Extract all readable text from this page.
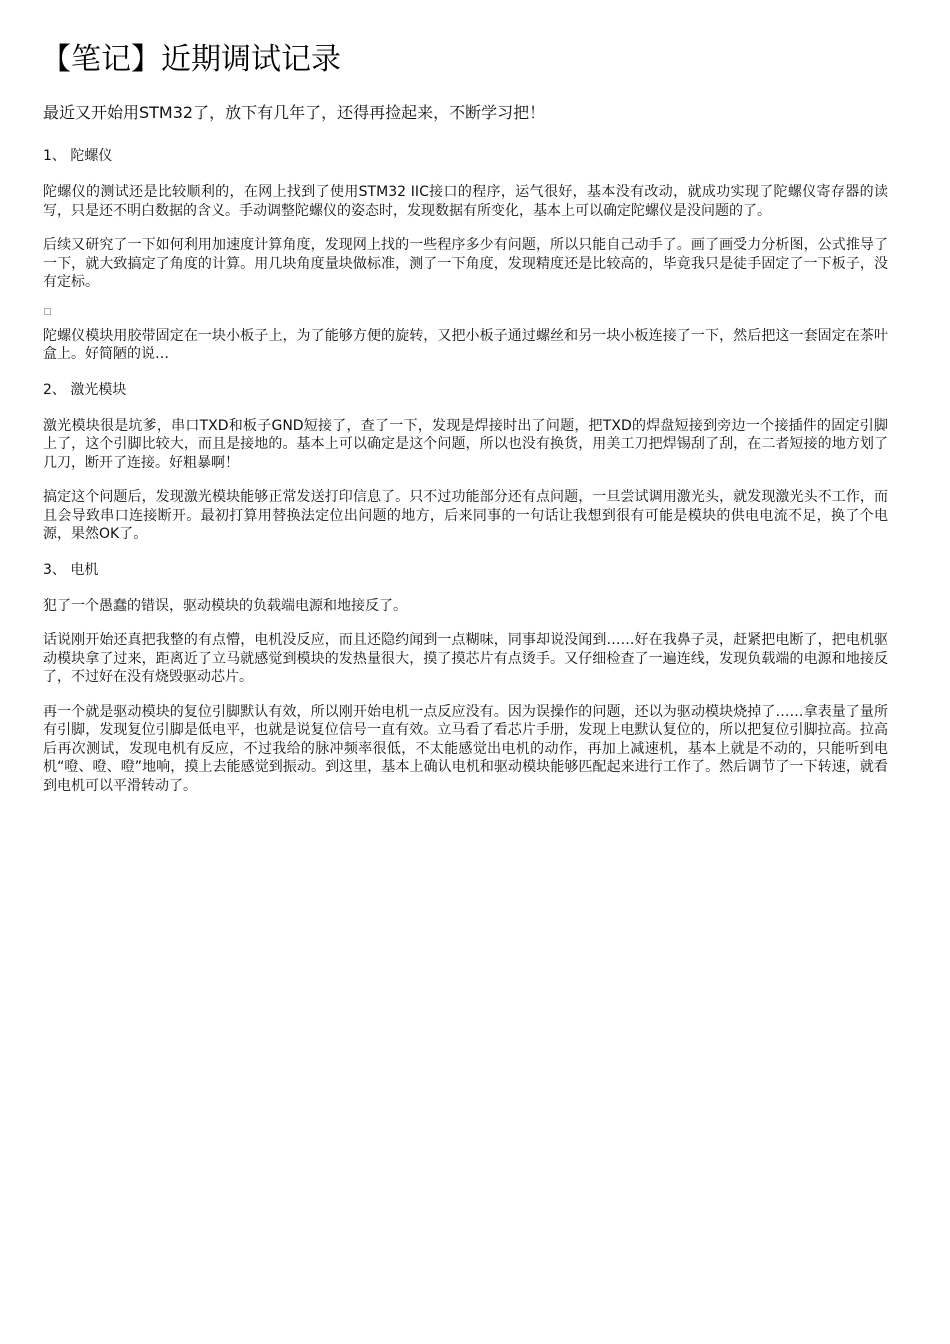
【笔记】近期调试记录

最近又开始用STM32了，放下有几年了，还得再捡起来，不断学习把！

1、 陀螺仪

陀螺仪的测试还是比较顺利的，在网上找到了使用STM32 IIC接口的程序，运气很好，基本没有改动，就成功实现了陀螺仪寄存器的读写，只是还不明白数据的含义。手动调整陀螺仪的姿态时，发现数据有所变化，基本上可以确定陀螺仪是没问题的了。

后续又研究了一下如何利用加速度计算角度，发现网上找的一些程序多少有问题，所以只能自己动手了。画了画受力分析图，公式推导了一下，就大致搞定了角度的计算。用几块角度量块做标准，测了一下角度，发现精度还是比较高的，毕竟我只是徒手固定了一下板子，没有定标。

陀螺仪模块用胶带固定在一块小板子上，为了能够方便的旋转，又把小板子通过螺丝和另一块小板连接了一下，然后把这一套固定在茶叶盒上。好简陋的说…

2、 激光模块

激光模块很是坑爹，串口TXD和板子GND短接了，查了一下，发现是焊接时出了问题，把TXD的焊盘短接到旁边一个接插件的固定引脚上了，这个引脚比较大，而且是接地的。基本上可以确定是这个问题，所以也没有换货，用美工刀把焊锡刮了刮，在二者短接的地方划了几刀，断开了连接。好粗暴啊！

搞定这个问题后，发现激光模块能够正常发送打印信息了。只不过功能部分还有点问题，一旦尝试调用激光头，就发现激光头不工作，而且会导致串口连接断开。最初打算用替换法定位出问题的地方，后来同事的一句话让我想到很有可能是模块的供电电流不足，换了个电源，果然OK了。

3、 电机

犯了一个愚蠢的错误，驱动模块的负载端电源和地接反了。

话说刚开始还真把我整的有点懵，电机没反应，而且还隐约闻到一点糊味，同事却说没闻到……好在我鼻子灵，赶紧把电断了，把电机驱动模块拿了过来，距离近了立马就感觉到模块的发热量很大，摸了摸芯片有点烫手。又仔细检查了一遍连线，发现负载端的电源和地接反了，不过好在没有烧毁驱动芯片。

再一个就是驱动模块的复位引脚默认有效，所以刚开始电机一点反应没有。因为误操作的问题，还以为驱动模块烧掉了……拿表量了量所有引脚，发现复位引脚是低电平，也就是说复位信号一直有效。立马看了看芯片手册，发现上电默认复位的，所以把复位引脚拉高。拉高后再次测试，发现电机有反应，不过我给的脉冲频率很低，不太能感觉出电机的动作，再加上减速机，基本上就是不动的，只能听到电机“噔、噔、噔”地响，摸上去能感觉到振动。到这里，基本上确认电机和驱动模块能够匹配起来进行工作了。然后调节了一下转速，就看到电机可以平滑转动了。
